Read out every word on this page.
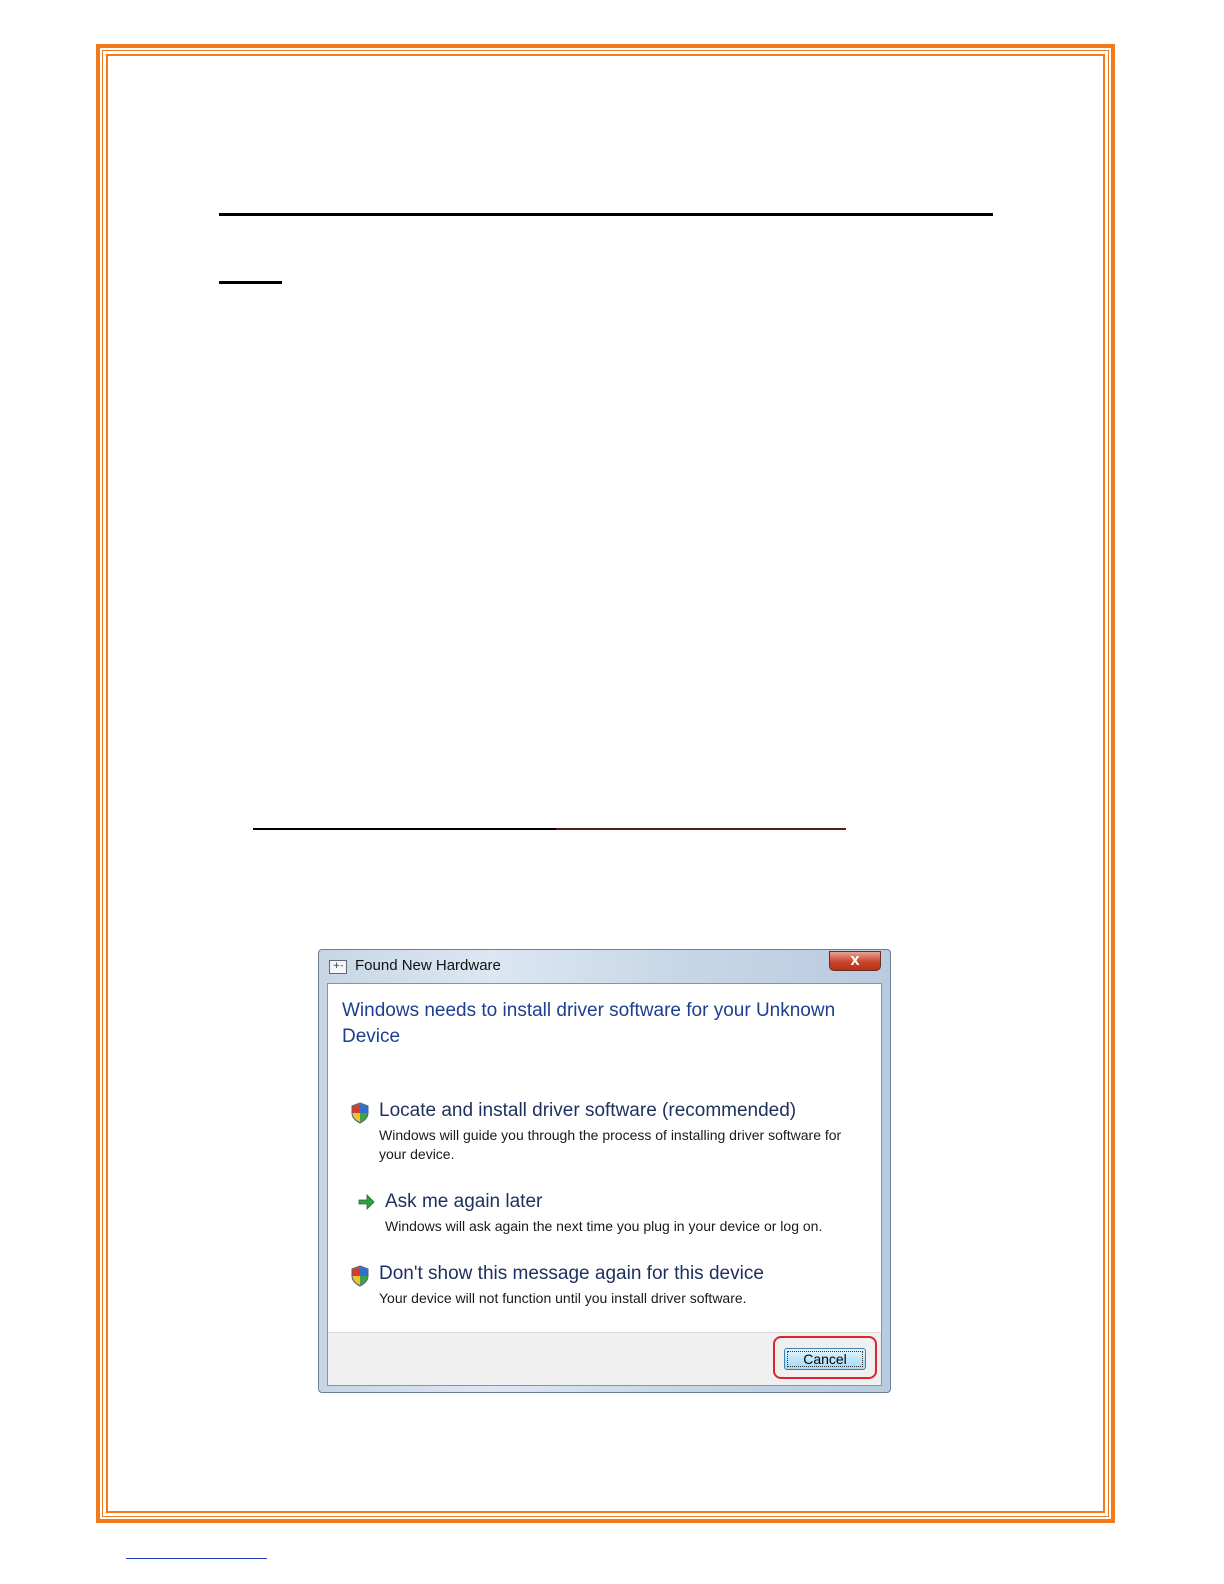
+- Found New Hardware	X
Windows needs to install driver software for your Unknown Device
Locate and install driver software (recommended)
Windows will guide you through the process of installing driver software for your device.
Ask me again later
Windows will ask again the next time you plug in your device or log on.
Don't show this message again for this device
Your device will not function until you install driver software.
Cancel
